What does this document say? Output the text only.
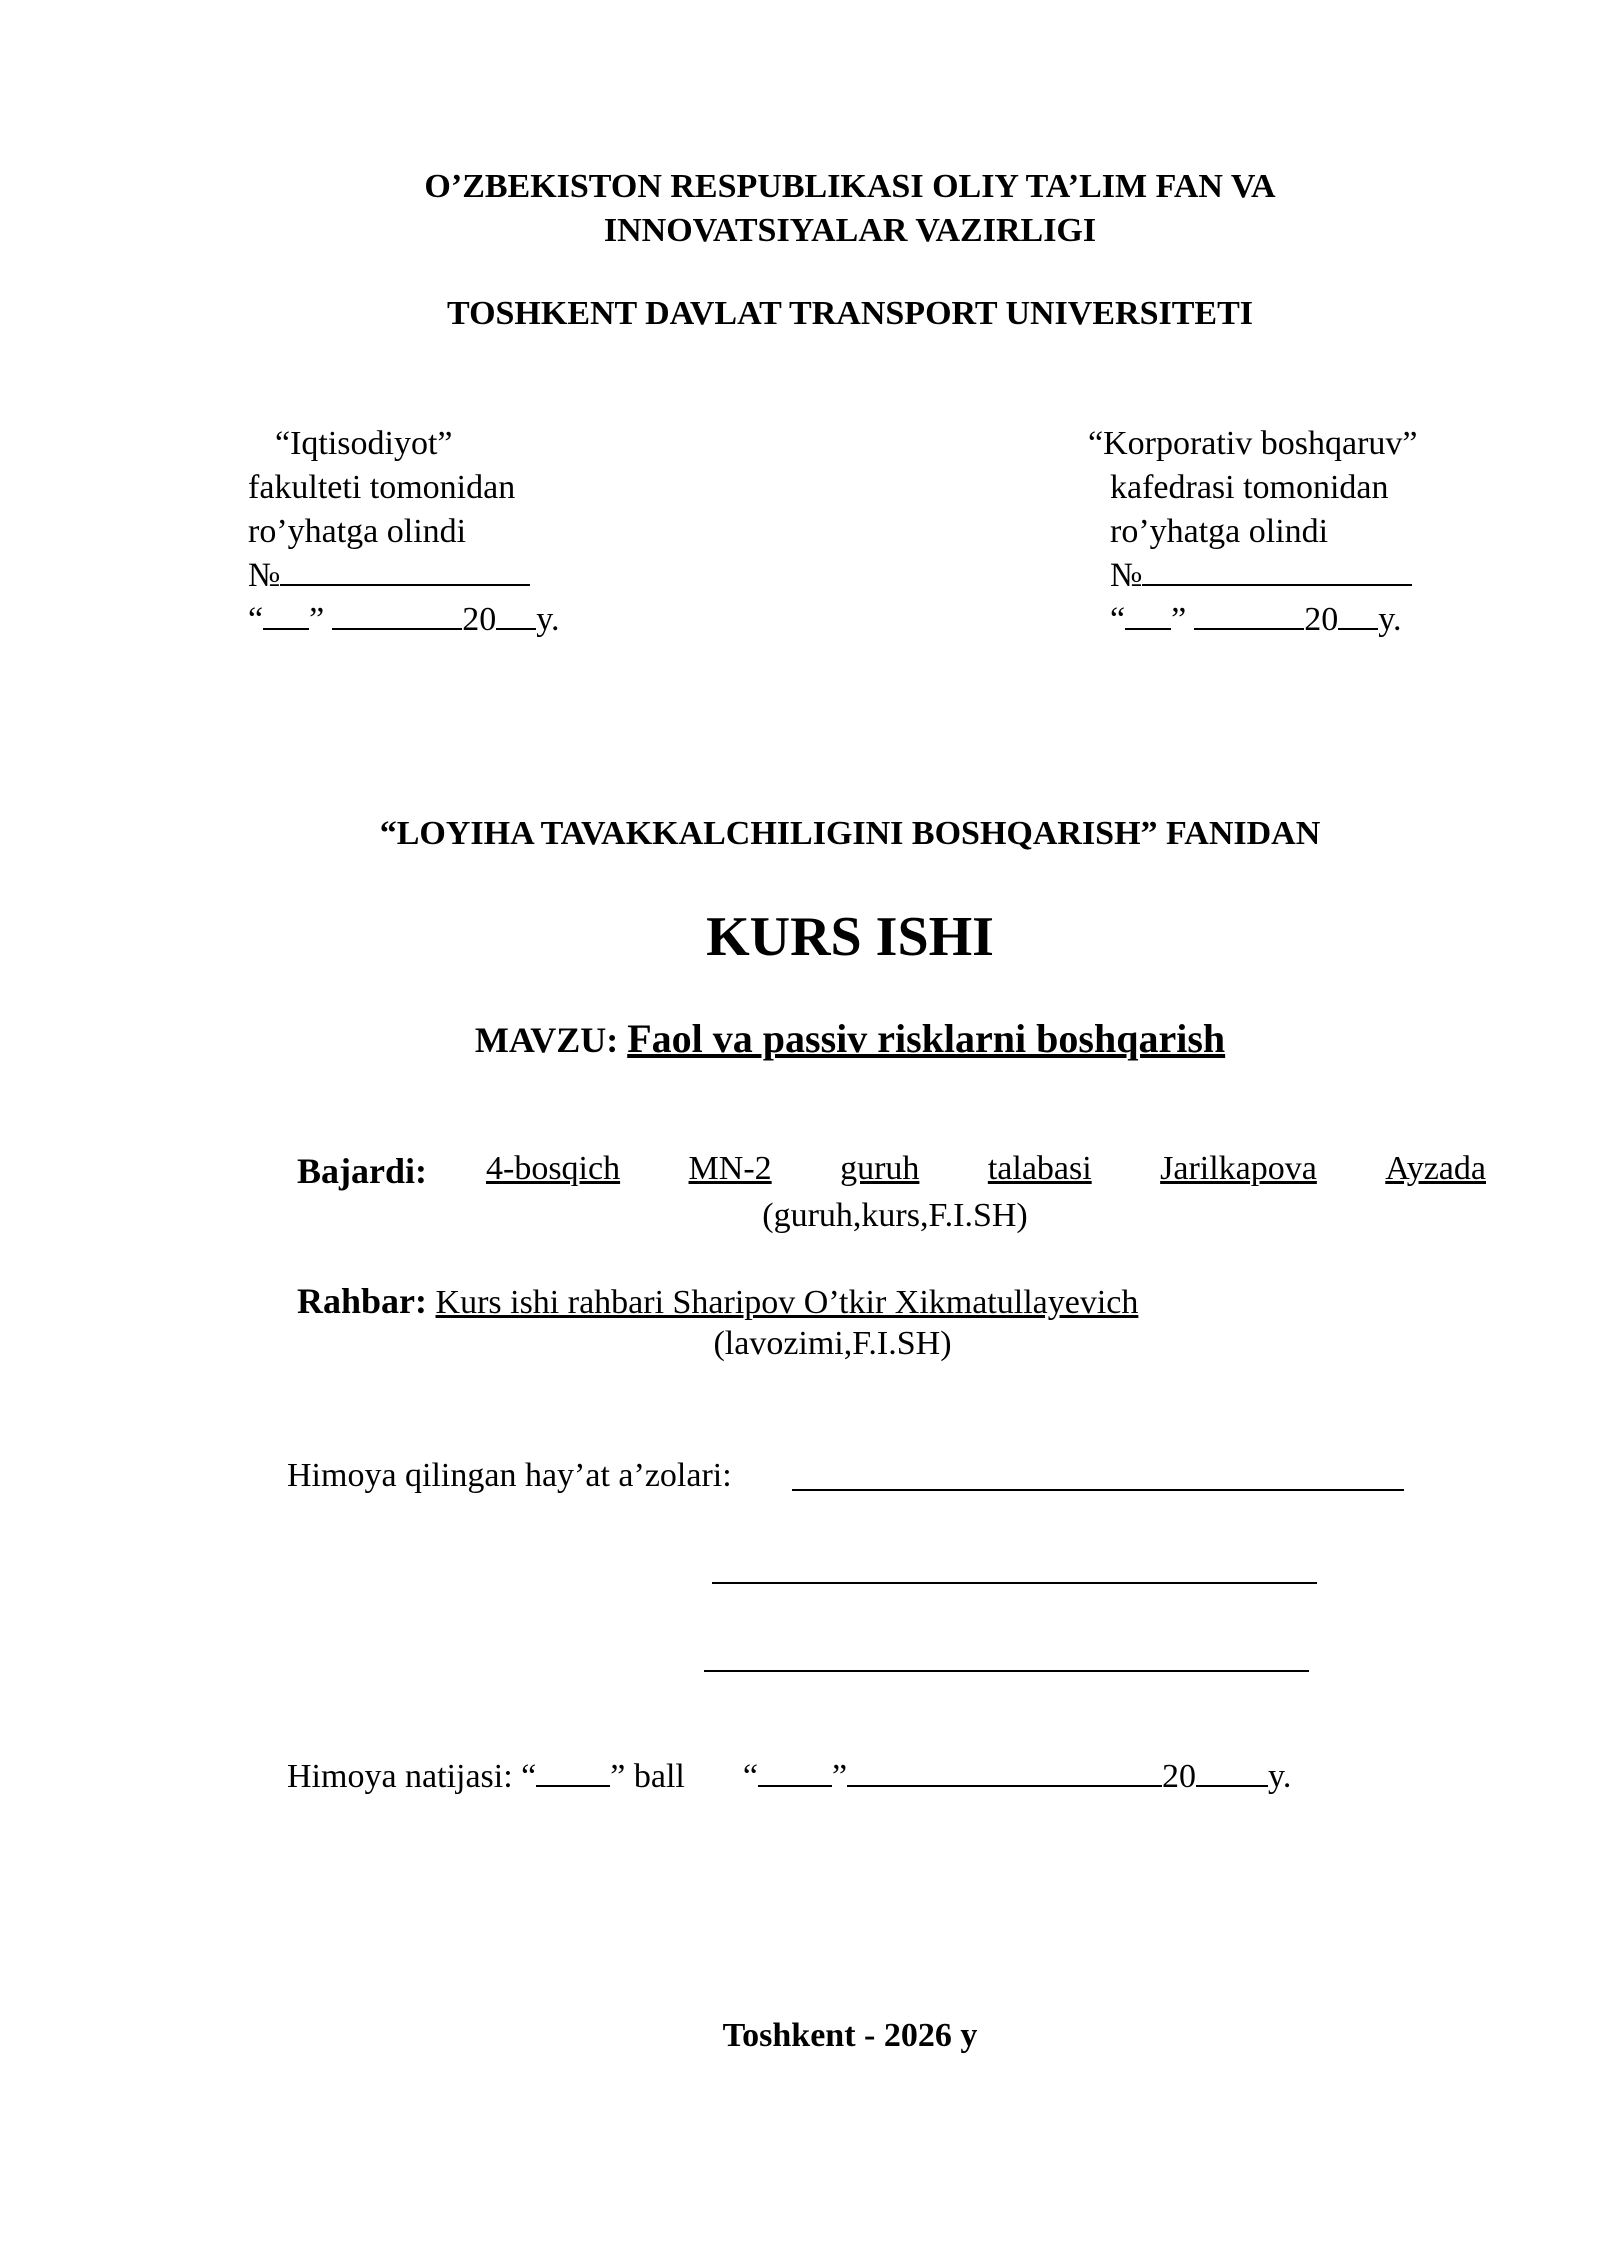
O’ZBEKISTON RESPUBLIKASI OLIY TA’LIM FAN VA
INNOVATSIYALAR VAZIRLIGI
TOSHKENT DAVLAT TRANSPORT UNIVERSITETI
“Iqtisodiyot”
fakulteti tomonidan
ro’yhatga olindi
№
“ ”	20 y.
“Korporativ boshqaruv”
kafedrasi tomonidan
ro’yhatga olindi
№
“ ”	20 y.
“LOYIHA TAVAKKALCHILIGINI BOSHQARISH” FANIDAN
KURS ISHI
MAVZU: Faol va passiv risklarni boshqarish
Bajardi: 4-bosqich MN-2 guruh talabasi Jarilkapova Ayzada
(guruh,kurs,F.I.SH)
Rahbar: Kurs ishi rahbari Sharipov O’tkir Xikmatullayevich
(lavozimi,F.I.SH)
Himoya qilingan hay’at a’zolari:
Himoya natijasi: “ ” ball “ ”	20 y.
Toshkent - 2026 y
